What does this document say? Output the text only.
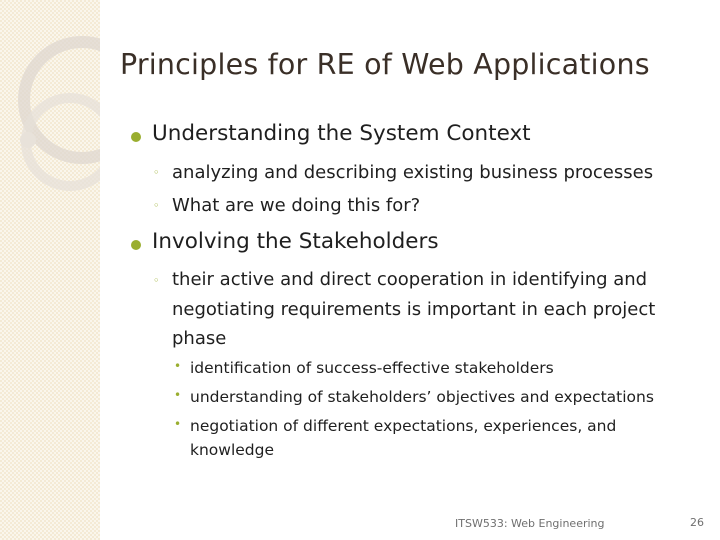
Principles for RE of Web Applications
Understanding the System Context
◦ analyzing and describing existing business processes
◦ What are we doing this for?
Involving the Stakeholders
◦ their active and direct cooperation in identifying and negotiating requirements is important in each project phase
• identification of success-effective stakeholders
• understanding of stakeholders’ objectives and expectations
• negotiation of different expectations, experiences, and knowledge
ITSW533: Web Engineering	26
